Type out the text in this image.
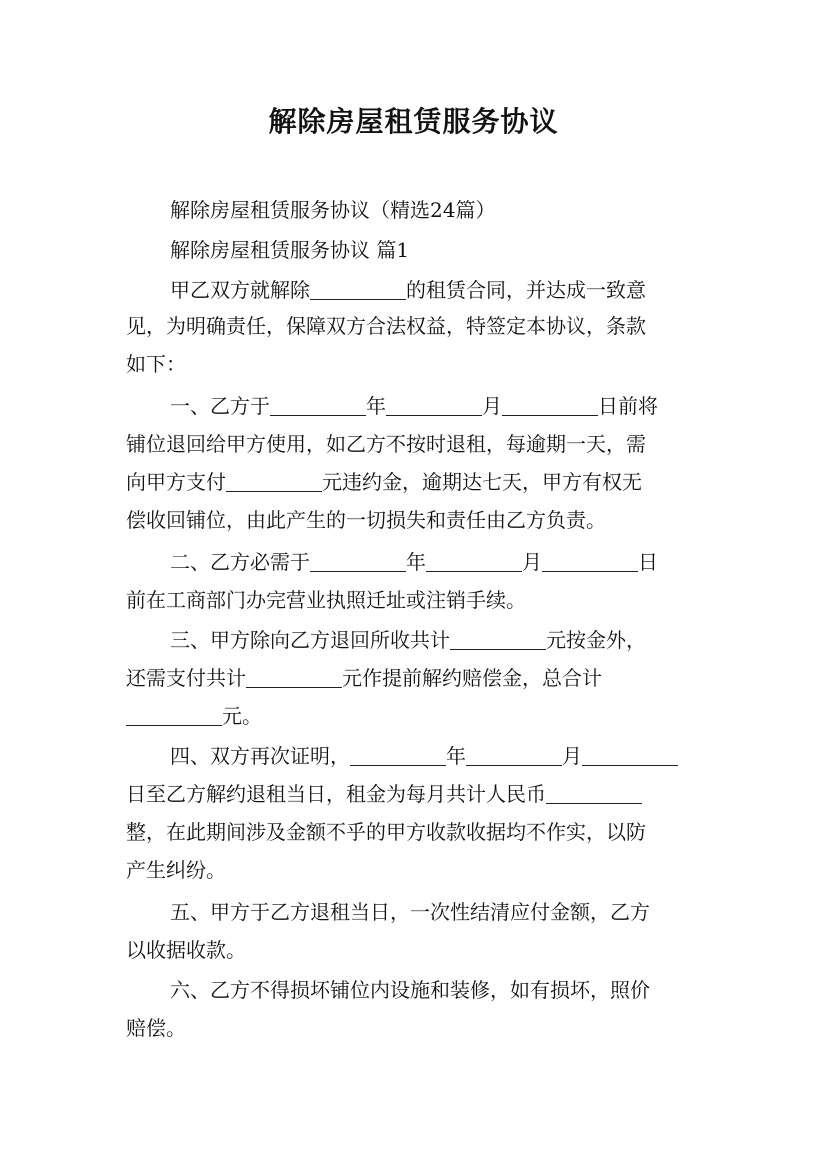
解除房屋租赁服务协议
解除房屋租赁服务协议（精选24篇）
解除房屋租赁服务协议 篇1
甲乙双方就解除	的租赁合同，并达成一致意
见，为明确责任，保障双方合法权益，特签定本协议，条款
如下：
一、乙方于	年	月	日前将
铺位退回给甲方使用，如乙方不按时退租，每逾期一天，需
向甲方支付	元违约金，逾期达七天，甲方有权无
偿收回铺位，由此产生的一切损失和责任由乙方负责。
二、乙方必需于	年	月	日
前在工商部门办完营业执照迁址或注销手续。
三、甲方除向乙方退回所收共计	元按金外，
还需支付共计	元作提前解约赔偿金，总合计
元。
四、双方再次证明，	年	月
日至乙方解约退租当日，租金为每月共计人民币
整，在此期间涉及金额不乎的甲方收款收据均不作实，以防
产生纠纷。
五、甲方于乙方退租当日，一次性结清应付金额，乙方
以收据收款。
六、乙方不得损坏铺位内设施和装修，如有损坏，照价
赔偿。
